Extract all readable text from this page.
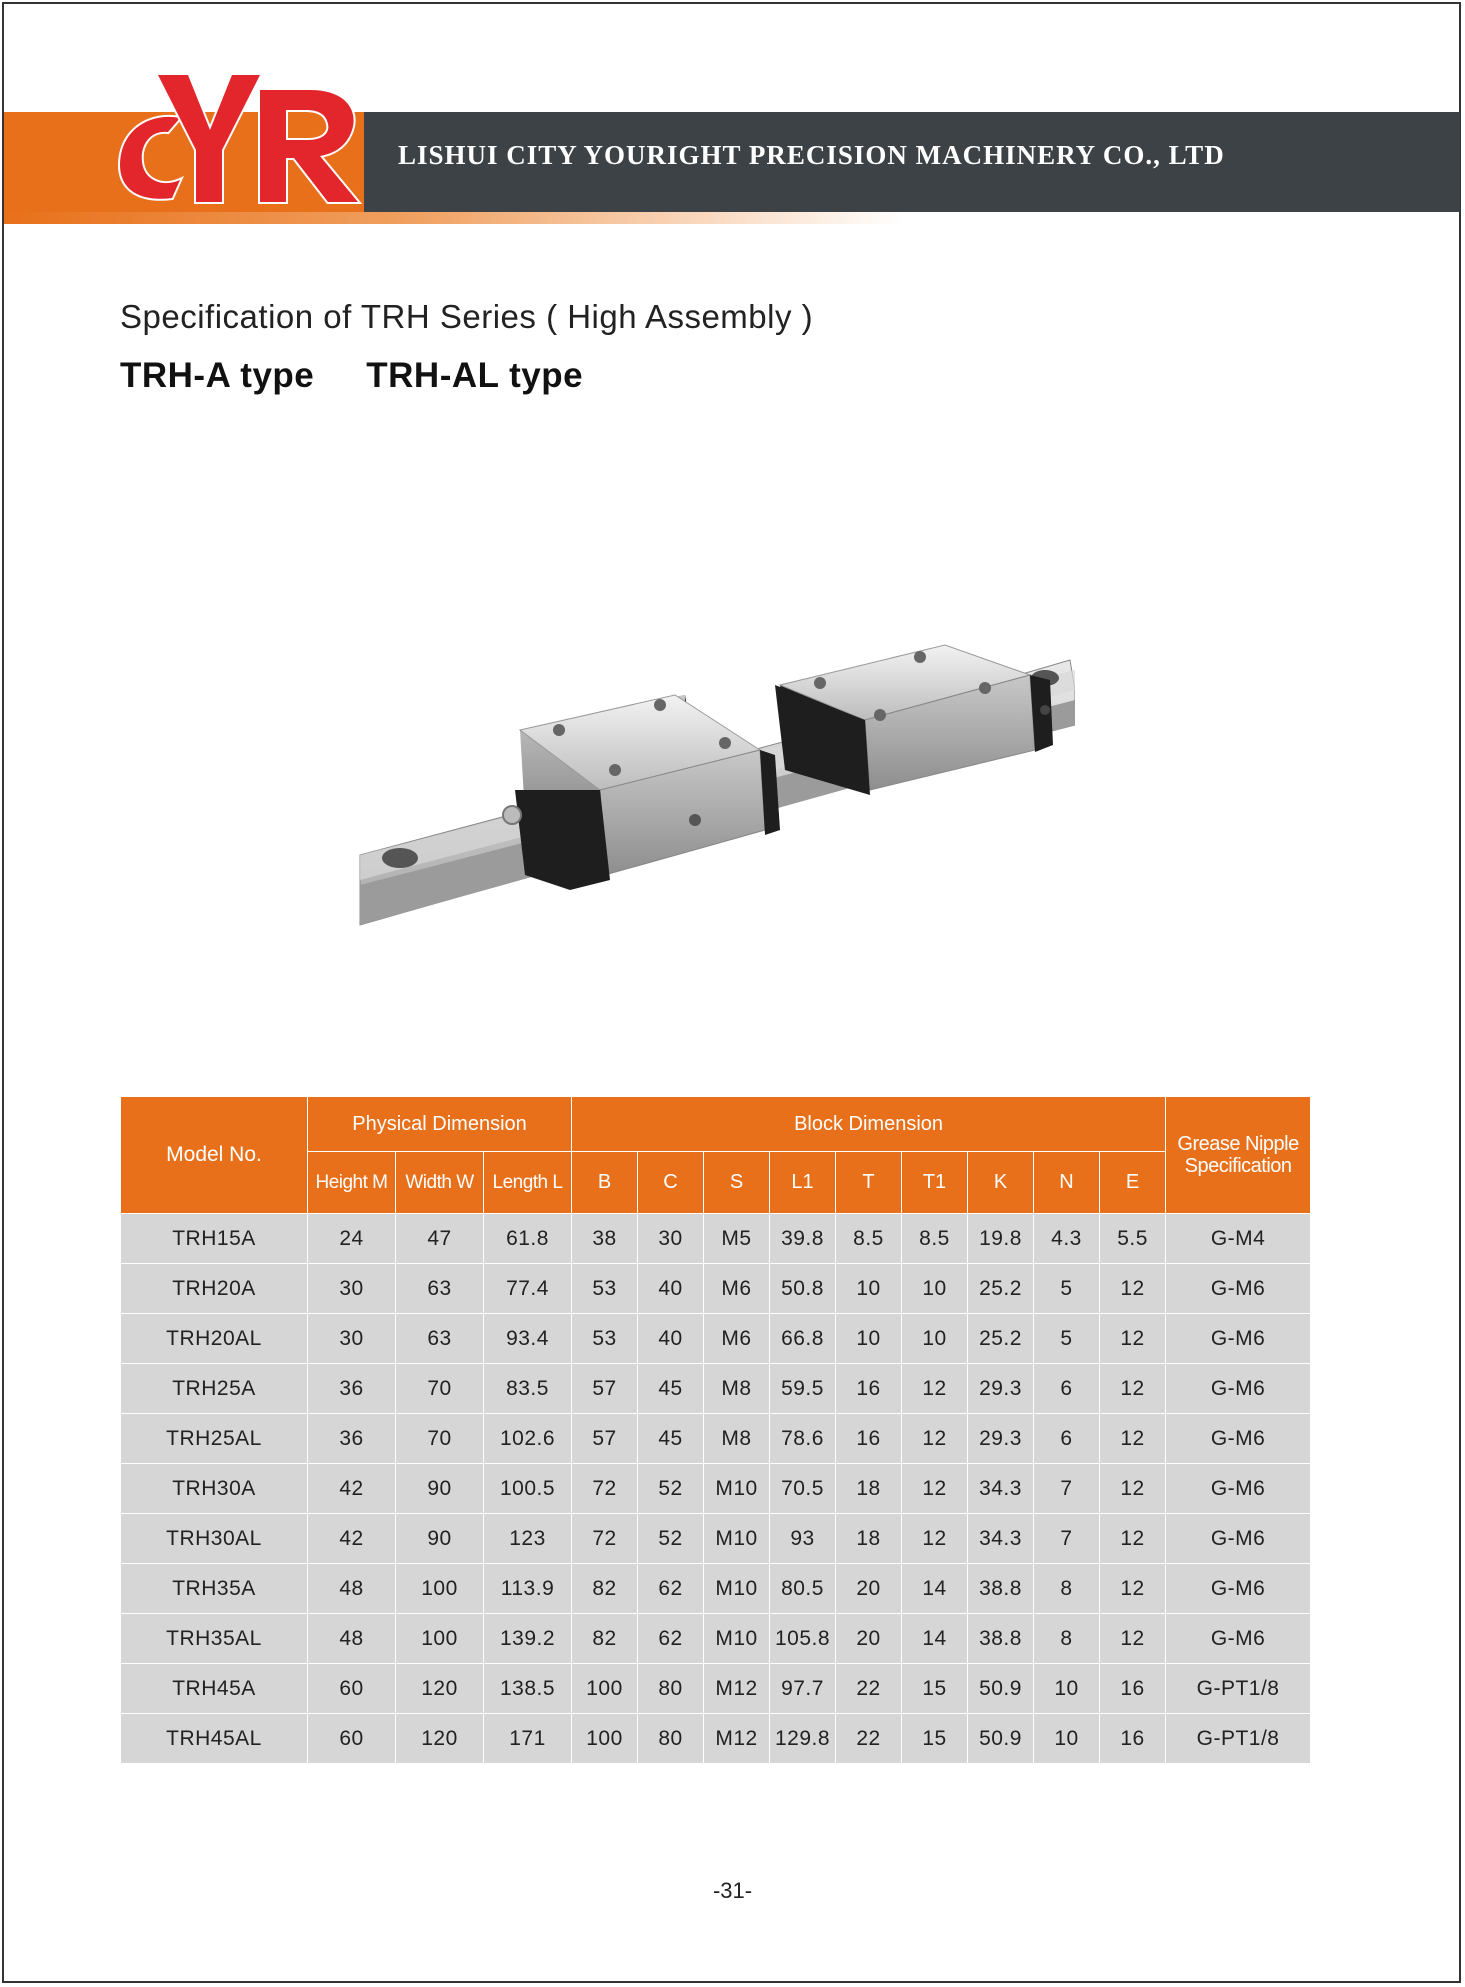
LISHUI CITY YOURIGHT PRECISION MACHINERY CO., LTD
Specification of TRH Series ( High Assembly )
TRH-A type TRH-AL type
Model No.	Physical Dimension			Block Dimension									Grease Nipple Specification
	Height M	Width W	Length L	B	C	S	L1	T	T1	K	N	E	
TRH15A	24	47	61.8	38	30	M5	39.8	8.5	8.5	19.8	4.3	5.5	G-M4
TRH20A	30	63	77.4	53	40	M6	50.8	10	10	25.2	5	12	G-M6
TRH20AL	30	63	93.4	53	40	M6	66.8	10	10	25.2	5	12	G-M6
TRH25A	36	70	83.5	57	45	M8	59.5	16	12	29.3	6	12	G-M6
TRH25AL	36	70	102.6	57	45	M8	78.6	16	12	29.3	6	12	G-M6
TRH30A	42	90	100.5	72	52	M10	70.5	18	12	34.3	7	12	G-M6
TRH30AL	42	90	123	72	52	M10	93	18	12	34.3	7	12	G-M6
TRH35A	48	100	113.9	82	62	M10	80.5	20	14	38.8	8	12	G-M6
TRH35AL	48	100	139.2	82	62	M10	105.8	20	14	38.8	8	12	G-M6
TRH45A	60	120	138.5	100	80	M12	97.7	22	15	50.9	10	16	G-PT1/8
TRH45AL	60	120	171	100	80	M12	129.8	22	15	50.9	10	16	G-PT1/8
-31-
